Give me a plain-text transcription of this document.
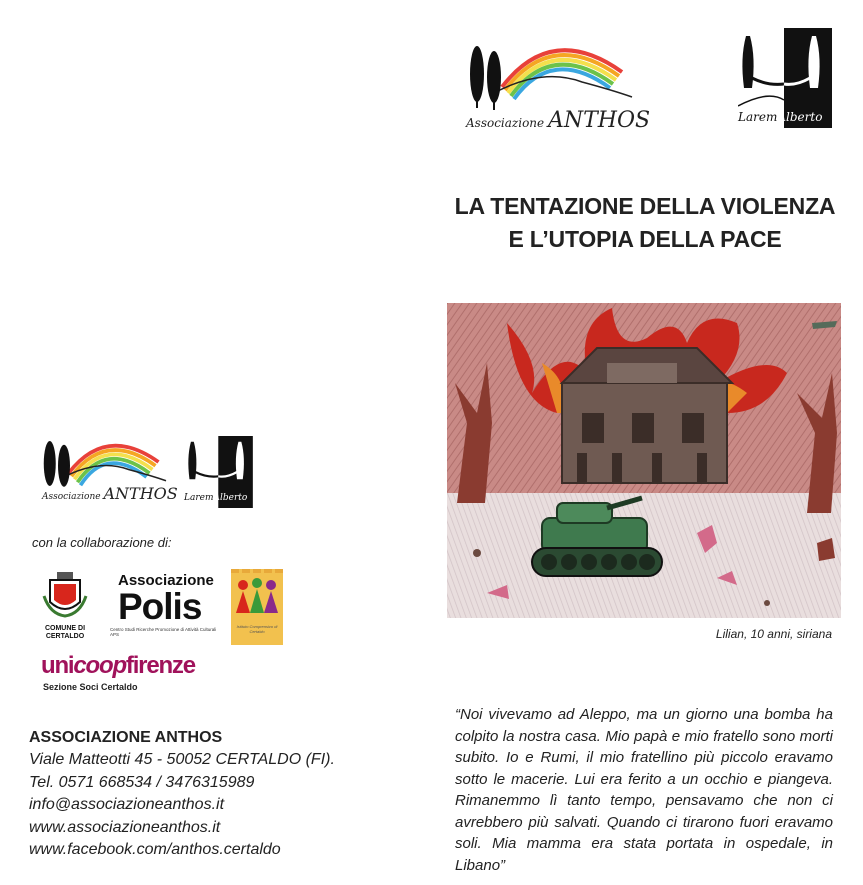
Associazione ANTHOS	LaremAlberto
LA TENTAZIONE DELLA VIOLENZA
E L’UTOPIA DELLA PACE
Lilian, 10 anni, siriana
“Noi vivevamo ad Aleppo, ma un giorno una bomba ha colpito la nostra casa. Mio papà e mio fratello sono morti subito. Io e Rumi, il mio fratellino più piccolo eravamo sotto le macerie. Lui era ferito a un occhio e piangeva. Rimanemmo lì tanto tempo, pensavamo che non ci avrebbero più salvati. Quando ci tirarono fuori eravamo soli. Mia mamma era stata portata in ospedale, in Libano”
Associazione ANTHOS LaremAlberto
con la collaborazione di:
COMUNE DI
CERTALDO
Associazione
Polis
Centro Studi Ricerche Promozione di Attività Culturali APS
Istituto Comprensivo di Certaldo
unicoopfirenze
Sezione Soci Certaldo
ASSOCIAZIONE ANTHOS
Viale Matteotti 45 - 50052 CERTALDO (FI).
Tel. 0571 668534 / 3476315989
info@associazioneanthos.it
www.associazioneanthos.it
www.facebook.com/anthos.certaldo
